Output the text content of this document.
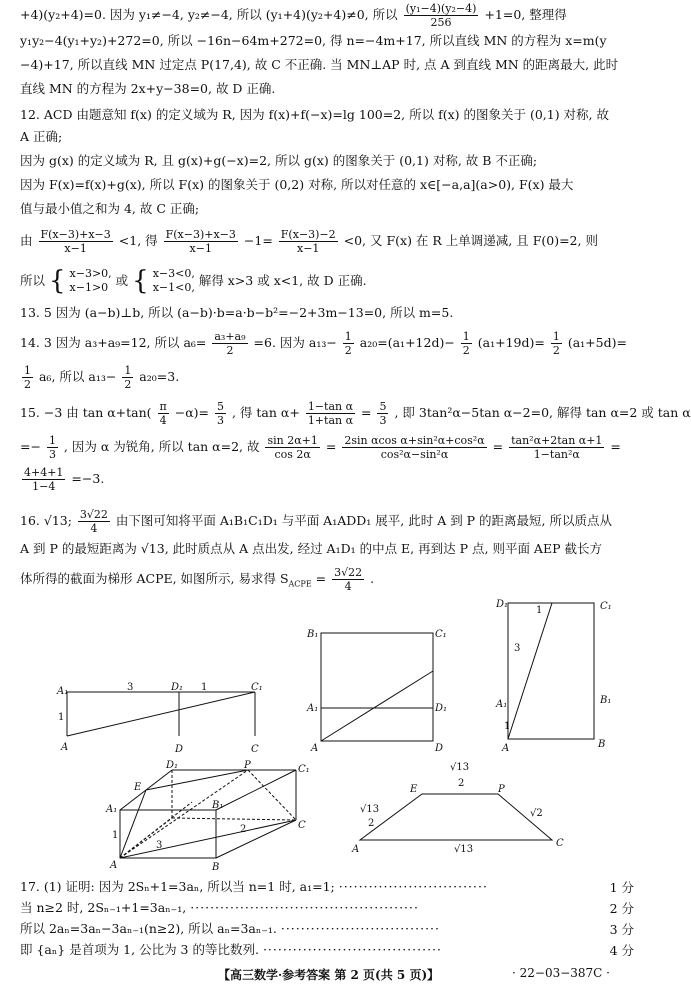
+4)(y₂+4)=0. 因为 y₁≠−4, y₂≠−4, 所以 (y₁+4)(y₂+4)≠0, 所以 $\frac{\text{(y₁−4)(y₂−4)}}{256} +1=0$, 整理得
y₁y₂−4(y₁+y₂)+272=0, 所以 −16n−64m+272=0, 得 n=−4m+17, 所以直线 MN 的方程为 x=m(y
−4)+17, 所以直线 MN 过定点 P(17,4), 故 C 不正确. 当 MN⊥AP 时, 点 A 到直线 MN 的距离最大, 此时
直线 MN 的方程为 2x+y−38=0, 故 D 正确.
12. ACD 由题意知 f(x) 的定义域为 R, 因为 f(x)+f(−x)=lg 100=2, 所以 f(x) 的图象关于 (0,1) 对称, 故
A 正确;
因为 g(x) 的定义域为 R, 且 g(x)+g(−x)=2, 所以 g(x) 的图象关于 (0,1) 对称, 故 B 不正确;
因为 F(x)=f(x)+g(x), 所以 F(x) 的图象关于 (0,2) 对称, 所以对任意的 x∈[−a,a](a>0), F(x) 最大
值与最小值之和为 4, 故 C 正确;
由 $\frac{F(x-3)+x-3}{x-1} <1$, 得 $\frac{F(x-3)+x-3}{x-1} -1= \frac{F(x-3)-2}{x-1} <0$, 又 F(x) 在 R 上单调递减, 且 F(0)=2, 则
所以 { x−3>0,
x−1>0 或 { x−3<0,
x−1<0, 解得 x>3 或 x<1, 故 D 正确.
13. 5 因为 (a−b)⊥b, 所以 (a−b)·b=a·b−b²=−2+3m−13=0, 所以 m=5.
14. 3 因为 a₃+a₉=12, 所以 $a_6= \frac{\text{a₃+a₉}}{2} =6$. 因为 $a_{13}- \frac{1}{2} a_{20}=(a_1+12d)- \frac{1}{2} (a_1+19d)= \frac{1}{2} (a_1+5d)=$
$\frac{1}{2} a_6$, 所以 $a_{13}- \frac{1}{2} a_{20}=3$.
15. −3 由 $\tan \alpha+\tan( \frac{\pi}{4} -\alpha)= \frac{5}{3}$ , 得 $\tan \alpha+ \frac{\text{1−tan α}}{\text{1+tan α}} = \frac{5}{3}$ , 即 3tan²α−5tan α−2=0, 解得 tan α=2 或 tan α
=− $\frac{1}{3}$ , 因为 α 为锐角, 所以 tan α=2, 故 $\frac{\sin 2\alpha+1}{\cos 2\alpha} = \frac{\text{2sin αcos α+sin²α+cos²α}}{\text{cos²α−sin²α}} = \frac{\text{tan²α+2tan α+1}}{\text{1−tan²α}}$ =
$\frac{4+4+1}{1-4} =-3$.
16. √13; $\frac{3√22}{4}$ 由下图可知将平面 A₁B₁C₁D₁ 与平面 A₁ADD₁ 展平, 此时 A 到 P 的距离最短, 所以质点从
A 到 P 的最短距离为 √13, 此时质点从 A 点出发, 经过 A₁D₁ 的中点 E, 再到达 P 点, 则平面 AEP 截长方
体所得的截面为梯形 ACPE, 如图所示, 易求得 $S_{ACPE} = \frac{3√22}{4}$ .
A₁	D₁	C₁
A	D	C
3
1
1
B₁	C₁
A₁	D₁
A	D
D₁	C₁
A₁	B₁
A	B
1
3
1
D₁	P	C₁
E
A₁	B₁
A	B
C
1
3
2
E	P
A
C
√13
2
√13
2
√2
√13
17. (1) 证明: 因为 2Sₙ+1=3aₙ, 所以当 n=1 时, a₁=1; ······························	1 分
当 n≥2 时, 2Sₙ₋₁+1=3aₙ₋₁, ··············································	2 分
所以 2aₙ=3aₙ−3aₙ₋₁(n≥2), 所以 aₙ=3aₙ₋₁. ································	3 分
即 {aₙ} 是首项为 1, 公比为 3 的等比数列. ····································	4 分
【高三数学·参考答案 第 2 页(共 5 页)】	· 22−03−387C ·
